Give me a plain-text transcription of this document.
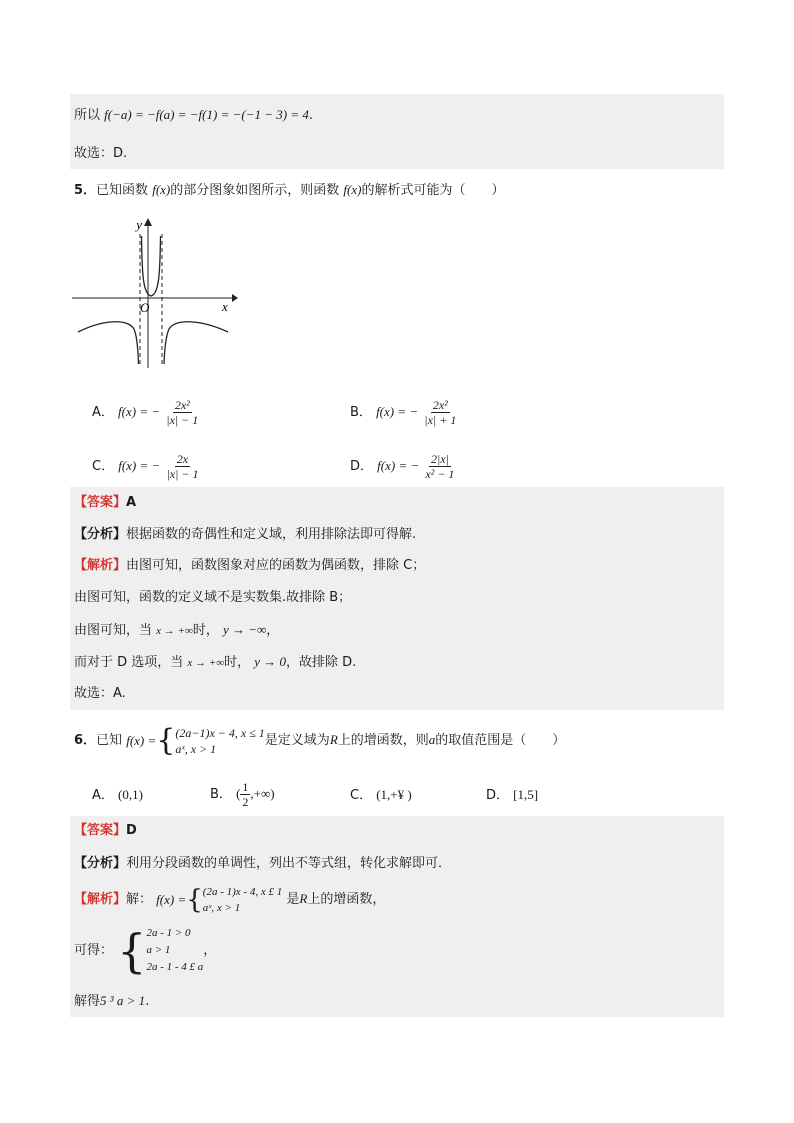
所以 f(−a) = −f(a) = −f(1) = −(−1 − 3) = 4.
故选：D.
5．已知函数 f(x)的部分图象如图所示，则函数 f(x)的解析式可能为（　　）
y
x
O
A． f(x) = − $\frac{\text{2x²}}{|x| - 1}$	B． f(x) = − $\frac{\text{2x²}}{|x| + 1}$
C． f(x) = − $\frac{2x}{|x| - 1}$	D． f(x) = − $\frac{2|x|}{\text{x² − 1}}$
【答案】A
【分析】根据函数的奇偶性和定义域，利用排除法即可得解.
【解析】由图可知，函数图象对应的函数为偶函数，排除 C；
由图可知，函数的定义域不是实数集.故排除 B；
由图可知，当 x → +∞时， y → −∞，
而对于 D 选项，当 x → +∞时， y → 0，故排除 D.
故选：A.
6．已知 f(x) = { (2a−1)x − 4, x ≤ 1
aˣ, x > 1
是定义域为R上的增函数，则a的取值范围是（　　）
A． (0,1)	B． ( $\frac{1}{2}$ ,+∞)	C． (1,+¥ )	D． [1,5]
【答案】D
【分析】利用分段函数的单调性，列出不等式组，转化求解即可．
【解析】解： f(x) = { (2a - 1)x - 4, x £ 1
aˣ, x > 1
是R上的增函数，
可得： { 2a - 1 > 0
a > 1
2a - 1 - 4 £ a
，
解得5 ³ a > 1.
